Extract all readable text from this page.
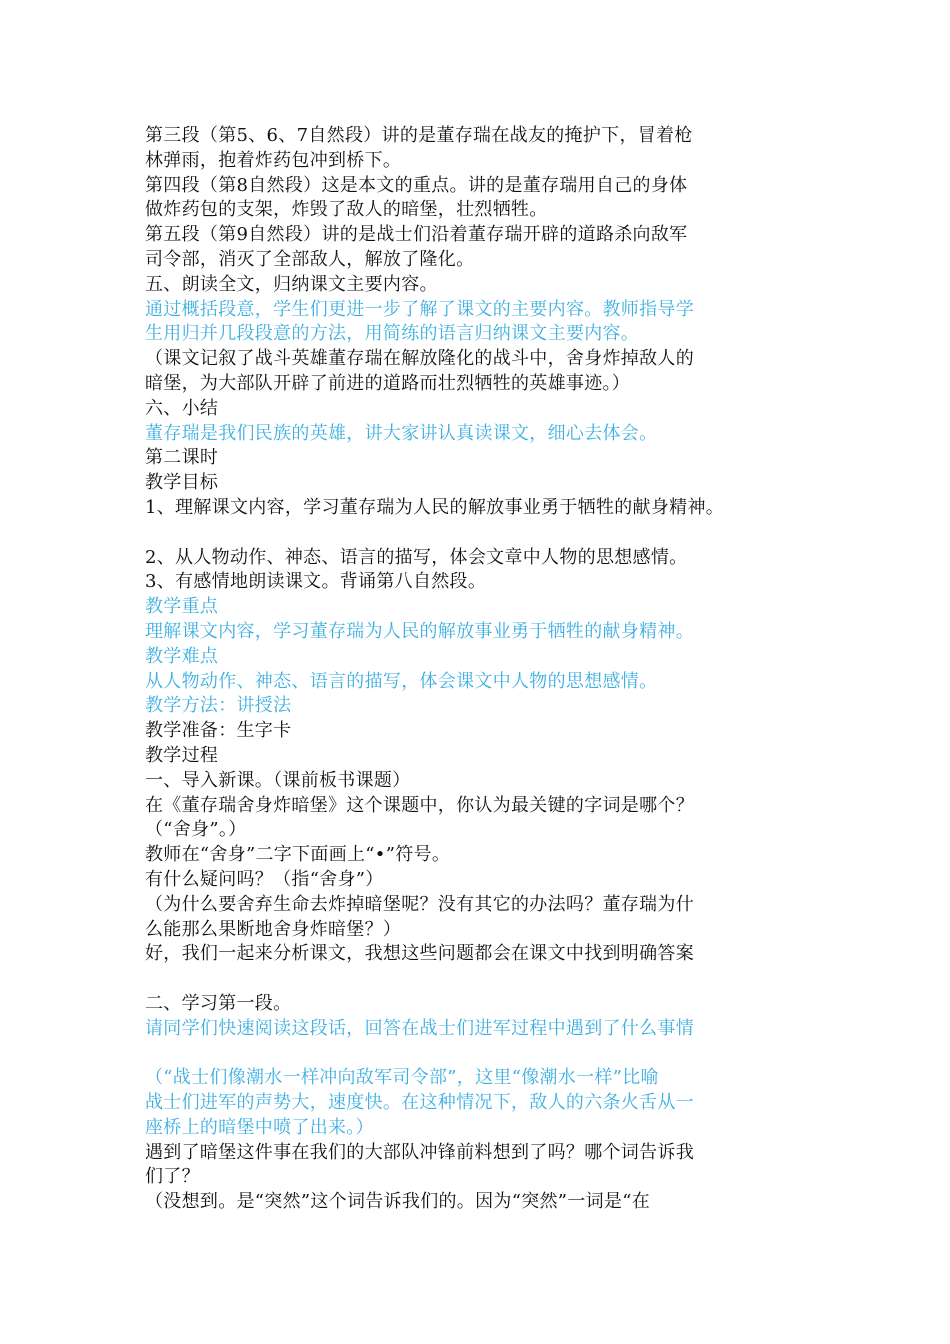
第三段（第5、6、7自然段）讲的是董存瑞在战友的掩护下，冒着枪
林弹雨，抱着炸药包冲到桥下。
第四段（第8自然段）这是本文的重点。讲的是董存瑞用自己的身体
做炸药包的支架，炸毁了敌人的暗堡，壮烈牺牲。
第五段（第9自然段）讲的是战士们沿着董存瑞开辟的道路杀向敌军
司令部，消灭了全部敌人，解放了隆化。
五、朗读全文，归纳课文主要内容。
通过概括段意，学生们更进一步了解了课文的主要内容。教师指导学
生用归并几段段意的方法，用简练的语言归纳课文主要内容。
（课文记叙了战斗英雄董存瑞在解放隆化的战斗中，舍身炸掉敌人的
暗堡，为大部队开辟了前进的道路而壮烈牺牲的英雄事迹。）
六、小结
董存瑞是我们民族的英雄，讲大家讲认真读课文，细心去体会。
第二课时
教学目标
1、理解课文内容，学习董存瑞为人民的解放事业勇于牺牲的献身精神。
2、从人物动作、神态、语言的描写，体会文章中人物的思想感情。
3、有感情地朗读课文。背诵第八自然段。
教学重点
理解课文内容，学习董存瑞为人民的解放事业勇于牺牲的献身精神。
教学难点
从人物动作、神态、语言的描写，体会课文中人物的思想感情。
教学方法：讲授法
教学准备：生字卡
教学过程
一、导入新课。（课前板书课题）
在《董存瑞舍身炸暗堡》这个课题中，你认为最关键的字词是哪个？
（“舍身”。）
教师在“舍身”二字下面画上“•”符号。
有什么疑问吗？（指“舍身”）
（为什么要舍弃生命去炸掉暗堡呢？没有其它的办法吗？董存瑞为什
么能那么果断地舍身炸暗堡？）
好，我们一起来分析课文，我想这些问题都会在课文中找到明确答案
二、学习第一段。
请同学们快速阅读这段话，回答在战士们进军过程中遇到了什么事情
（“战士们像潮水一样冲向敌军司令部”，这里“像潮水一样”比喻
战士们进军的声势大，速度快。在这种情况下，敌人的六条火舌从一
座桥上的暗堡中喷了出来。）
遇到了暗堡这件事在我们的大部队冲锋前料想到了吗？哪个词告诉我
们了？
（没想到。是“突然”这个词告诉我们的。因为“突然”一词是“在
